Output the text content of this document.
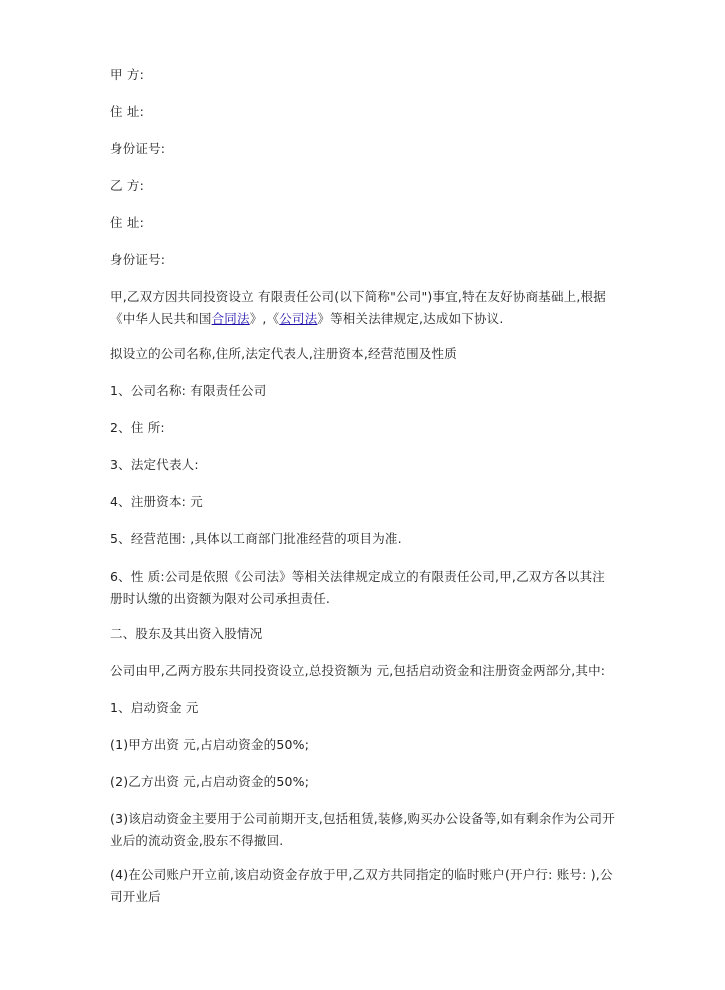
甲 方:
住 址:
身份证号:
乙 方:
住 址:
身份证号:
甲,乙双方因共同投资设立 有限责任公司(以下简称"公司")事宜,特在友好协商基础上,根据
《中华人民共和国合同法》,《公司法》等相关法律规定,达成如下协议.
拟设立的公司名称,住所,法定代表人,注册资本,经营范围及性质
1、公司名称: 有限责任公司
2、住 所:
3、法定代表人:
4、注册资本: 元
5、经营范围: ,具体以工商部门批准经营的项目为准.
6、性 质:公司是依照《公司法》等相关法律规定成立的有限责任公司,甲,乙双方各以其注
册时认缴的出资额为限对公司承担责任.
二、股东及其出资入股情况
公司由甲,乙两方股东共同投资设立,总投资额为 元,包括启动资金和注册资金两部分,其中:
1、启动资金 元
(1)甲方出资 元,占启动资金的50%;
(2)乙方出资 元,占启动资金的50%;
(3)该启动资金主要用于公司前期开支,包括租赁,装修,购买办公设备等,如有剩余作为公司开
业后的流动资金,股东不得撤回.
(4)在公司账户开立前,该启动资金存放于甲,乙双方共同指定的临时账户(开户行: 账号: ),公
司开业后
